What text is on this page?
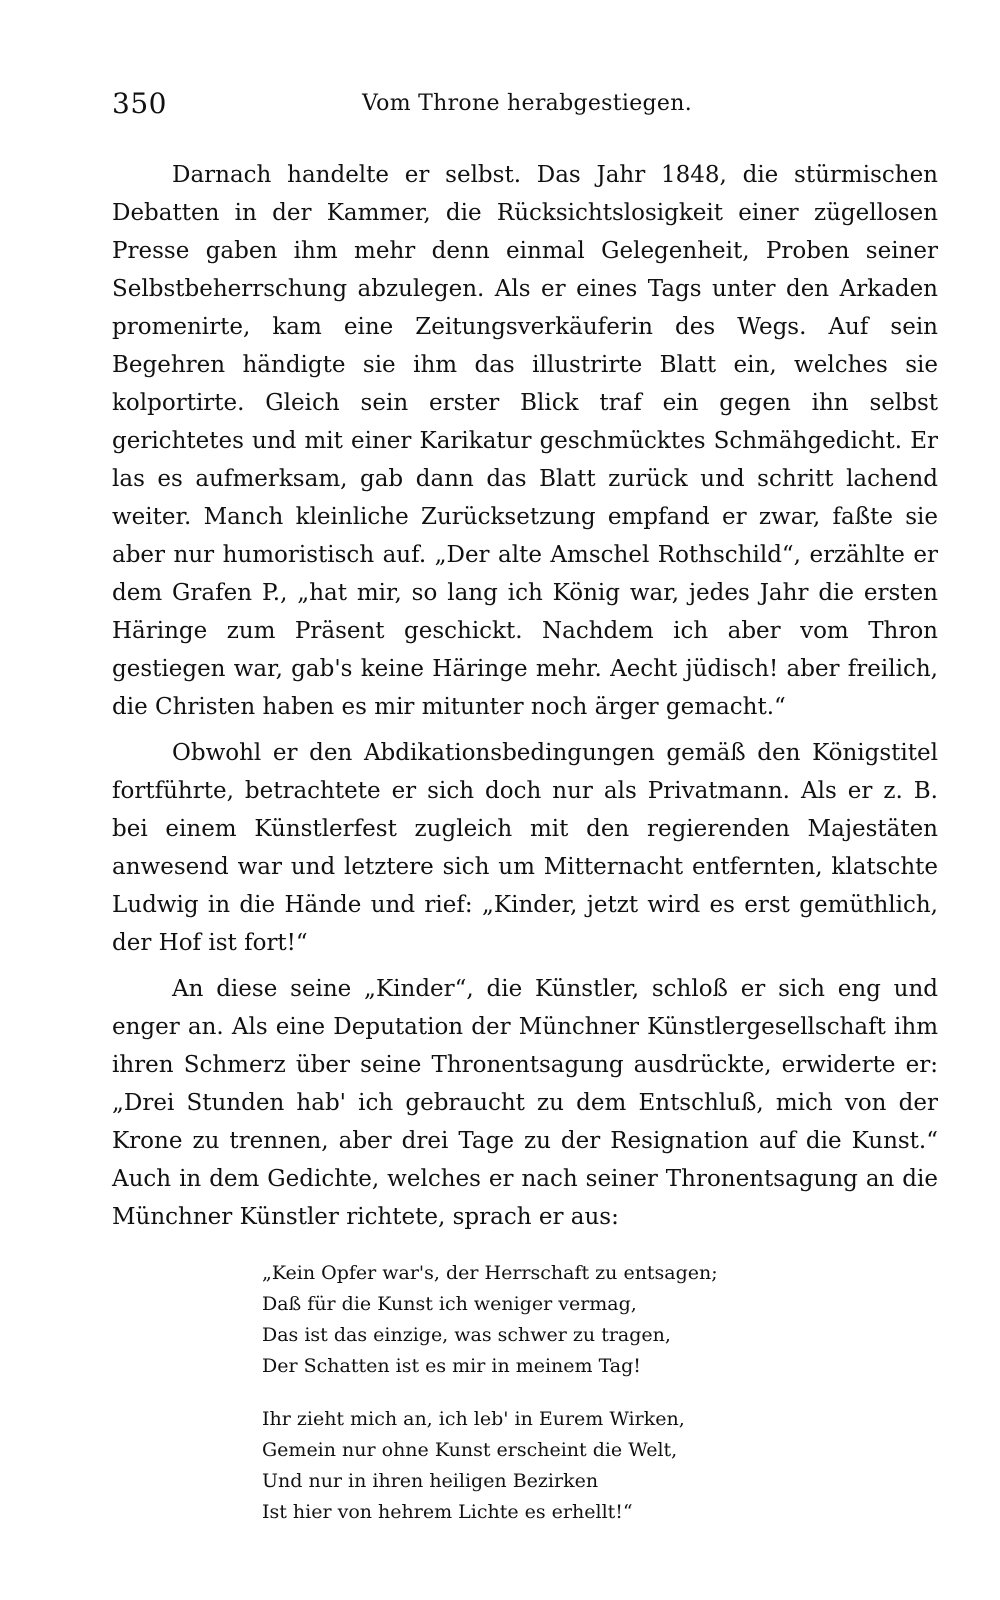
350	Vom Throne herabgestiegen.

Darnach handelte er selbst. Das Jahr 1848, die stürmischen Debatten in der Kammer, die Rücksichtslosigkeit einer zügellosen Presse gaben ihm mehr denn einmal Gelegenheit, Proben seiner Selbstbeherrschung abzulegen. Als er eines Tags unter den Arkaden promenirte, kam eine Zeitungsverkäuferin des Wegs. Auf sein Begehren händigte sie ihm das illustrirte Blatt ein, welches sie kolportirte. Gleich sein erster Blick traf ein gegen ihn selbst gerichtetes und mit einer Karikatur geschmücktes Schmähgedicht. Er las es aufmerksam, gab dann das Blatt zurück und schritt lachend weiter. Manch kleinliche Zurücksetzung empfand er zwar, faßte sie aber nur humoristisch auf. „Der alte Amschel Rothschild“, erzählte er dem Grafen P., „hat mir, so lang ich König war, jedes Jahr die ersten Häringe zum Präsent geschickt. Nachdem ich aber vom Thron gestiegen war, gab's keine Häringe mehr. Aecht jüdisch! aber freilich, die Christen haben es mir mitunter noch ärger gemacht.“

Obwohl er den Abdikationsbedingungen gemäß den Königstitel fortführte, betrachtete er sich doch nur als Privatmann. Als er z. B. bei einem Künstlerfest zugleich mit den regierenden Majestäten anwesend war und letztere sich um Mitternacht entfernten, klatschte Ludwig in die Hände und rief: „Kinder, jetzt wird es erst gemüthlich, der Hof ist fort!“

An diese seine „Kinder“, die Künstler, schloß er sich eng und enger an. Als eine Deputation der Münchner Künstlergesellschaft ihm ihren Schmerz über seine Thronentsagung ausdrückte, erwiderte er: „Drei Stunden hab' ich gebraucht zu dem Entschluß, mich von der Krone zu trennen, aber drei Tage zu der Resignation auf die Kunst.“ Auch in dem Gedichte, welches er nach seiner Thronentsagung an die Münchner Künstler richtete, sprach er aus:

„Kein Opfer war's, der Herrschaft zu entsagen;
Daß für die Kunst ich weniger vermag,
Das ist das einzige, was schwer zu tragen,
Der Schatten ist es mir in meinem Tag!
Ihr zieht mich an, ich leb' in Eurem Wirken,
Gemein nur ohne Kunst erscheint die Welt,
Und nur in ihren heiligen Bezirken
Ist hier von hehrem Lichte es erhellt!“
